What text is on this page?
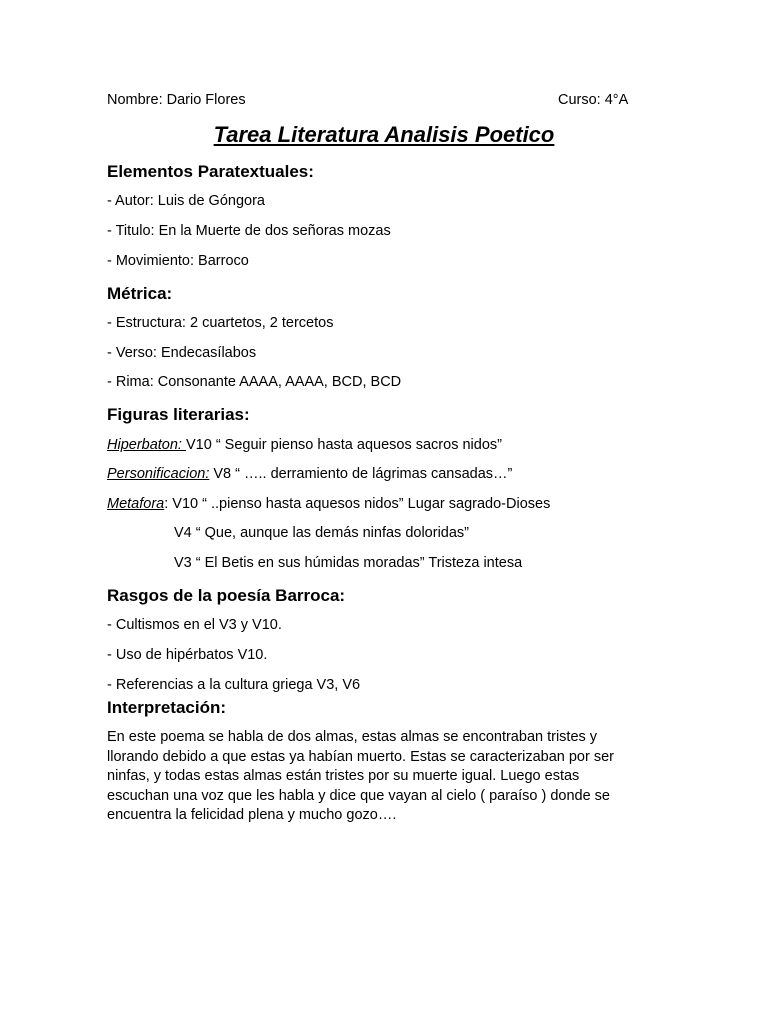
Nombre: Dario Flores	Curso: 4°A
Tarea Literatura Analisis Poetico
Elementos Paratextuales:
- Autor: Luis de Góngora
- Titulo: En la Muerte de dos señoras mozas
- Movimiento: Barroco
Métrica:
- Estructura: 2 cuartetos, 2 tercetos
- Verso: Endecasílabos
- Rima: Consonante AAAA, AAAA, BCD, BCD
Figuras literarias:
Hiperbaton: V10 “ Seguir pienso hasta aquesos sacros nidos”
Personificacion: V8 “ ….. derramiento de lágrimas cansadas…”
Metafora: V10 “ ..pienso hasta aquesos nidos” Lugar sagrado-Dioses
V4 “ Que, aunque las demás ninfas doloridas”
V3 “ El Betis en sus húmidas moradas” Tristeza intesa
Rasgos de la poesía Barroca:
- Cultismos en el V3 y V10.
- Uso de hipérbatos V10.
- Referencias a la cultura griega V3, V6
Interpretación:

En este poema se habla de dos almas, estas almas se encontraban tristes y

llorando debido a que estas ya habían muerto. Estas se caracterizaban por ser

ninfas, y todas estas almas están tristes por su muerte igual. Luego estas

escuchan una voz que les habla y dice que vayan al cielo ( paraíso ) donde se

encuentra la felicidad plena y mucho gozo….
